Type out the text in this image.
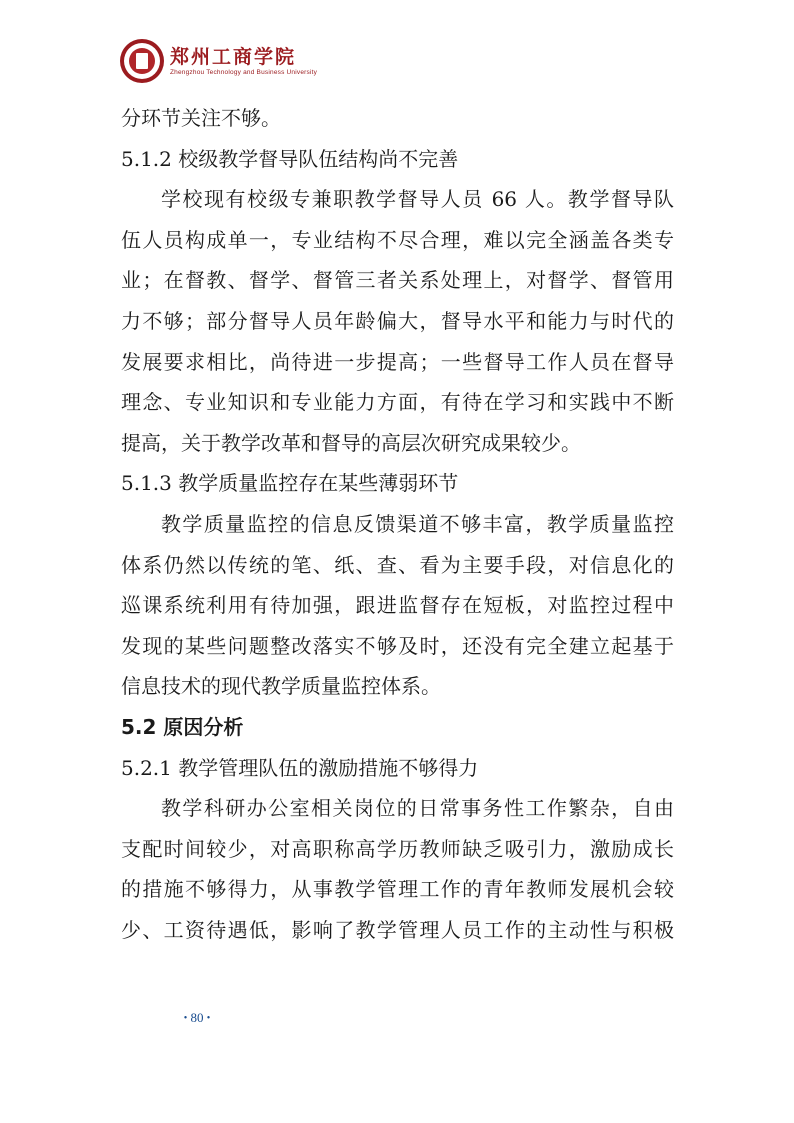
郑州工商学院
Zhengzhou Technology and Business University
分环节关注不够。
5.1.2 校级教学督导队伍结构尚不完善
学校现有校级专兼职教学督导人员 66 人。教学督导队
伍人员构成单一，专业结构不尽合理，难以完全涵盖各类专
业；在督教、督学、督管三者关系处理上，对督学、督管用
力不够；部分督导人员年龄偏大，督导水平和能力与时代的
发展要求相比，尚待进一步提高；一些督导工作人员在督导
理念、专业知识和专业能力方面，有待在学习和实践中不断
提高，关于教学改革和督导的高层次研究成果较少。
5.1.3 教学质量监控存在某些薄弱环节
教学质量监控的信息反馈渠道不够丰富，教学质量监控
体系仍然以传统的笔、纸、查、看为主要手段，对信息化的
巡课系统利用有待加强，跟进监督存在短板，对监控过程中
发现的某些问题整改落实不够及时，还没有完全建立起基于
信息技术的现代教学质量监控体系。
5.2 原因分析
5.2.1 教学管理队伍的激励措施不够得力
教学科研办公室相关岗位的日常事务性工作繁杂，自由
支配时间较少，对高职称高学历教师缺乏吸引力，激励成长
的措施不够得力，从事教学管理工作的青年教师发展机会较
少、工资待遇低，影响了教学管理人员工作的主动性与积极
• 80 •
